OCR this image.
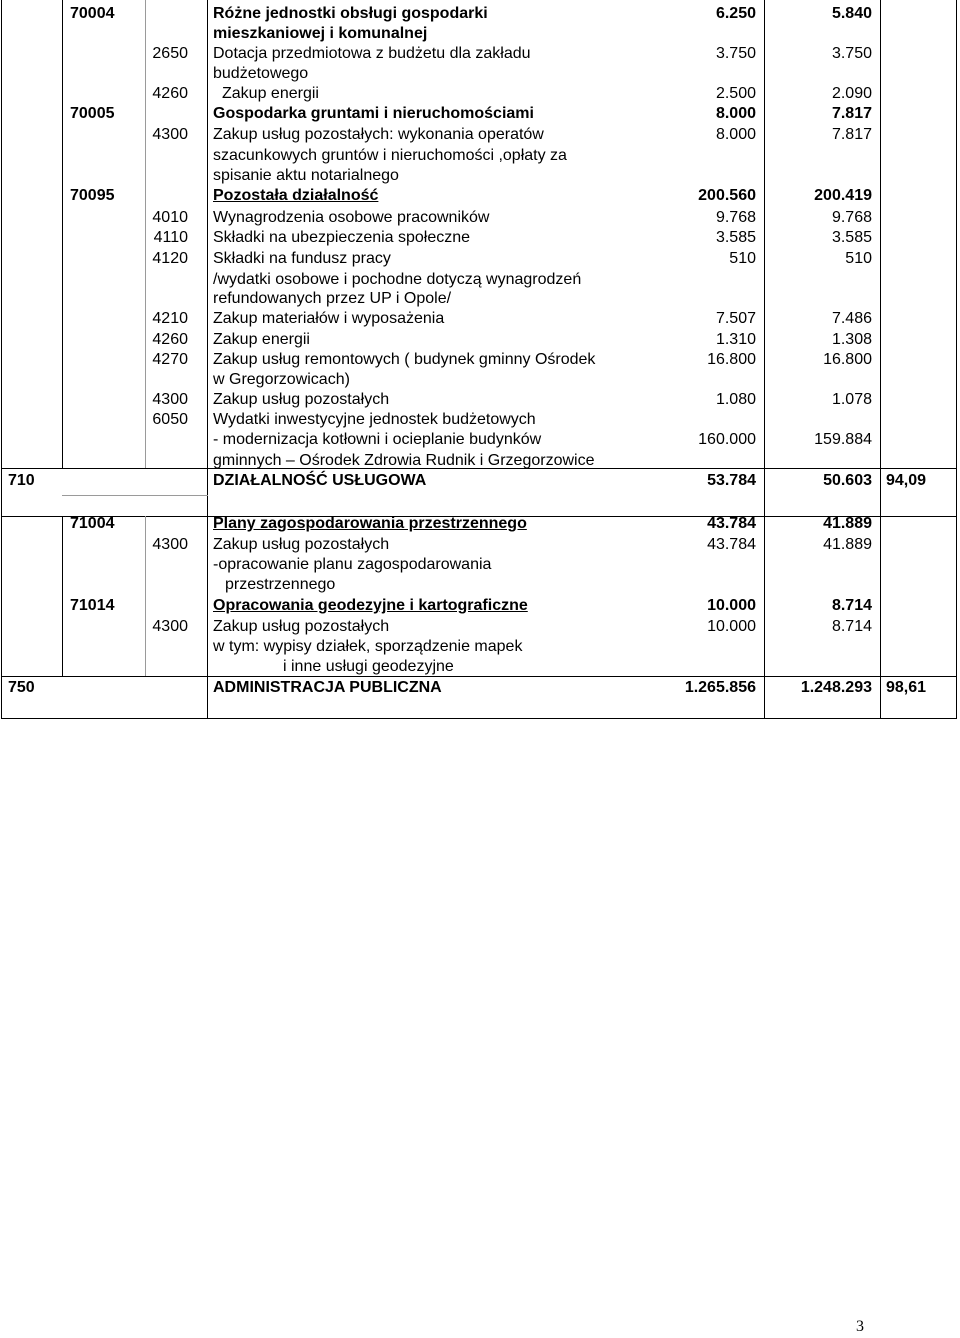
70004	Różne jednostki obsługi gospodarki
mieszkaniowej i komunalnej
6.250	5.840
2650 Dotacja przedmiotowa z budżetu dla zakładu
budżetowego
3.750	3.750
4260 Zakup energii	2.500	2.090
70005	Gospodarka gruntami i nieruchomościami	8.000	7.817
4300 Zakup usług pozostałych: wykonania operatów
szacunkowych gruntów i nieruchomości ,opłaty za
spisanie aktu notarialnego
8.000	7.817
70095	Pozostała działalność	200.560	200.419
4010 Wynagrodzenia osobowe pracowników	9.768	9.768
4110 Składki na ubezpieczenia społeczne	3.585	3.585
4120 Składki na fundusz pracy
/wydatki osobowe i pochodne dotyczą wynagrodzeń
refundowanych przez UP i Opole/
510	510
4210 Zakup materiałów i wyposażenia	7.507	7.486
4260 Zakup energii	1.310	1.308
4270 Zakup usług remontowych ( budynek gminny Ośrodek
w Gregorzowicach)
16.800	16.800
4300 Zakup usług pozostałych	1.080	1.078
6050 Wydatki inwestycyjne jednostek budżetowych
- modernizacja kotłowni i ocieplanie budynków
gminnych – Ośrodek Zdrowia Rudnik i Grzegorzowice
160.000	159.884
710	DZIAŁALNOŚĆ USŁUGOWA	53.784	50.603 94,09
71004	Plany zagospodarowania przestrzennego	43.784	41.889
4300 Zakup usług pozostałych
-opracowanie planu zagospodarowania
przestrzennego
43.784	41.889
71014	Opracowania geodezyjne i kartograficzne	10.000	8.714
4300 Zakup usług pozostałych
w tym: wypisy działek, sporządzenie mapek
i inne usługi geodezyjne
10.000	8.714
750	ADMINISTRACJA PUBLICZNA	1.265.856	1.248.293 98,61
3
